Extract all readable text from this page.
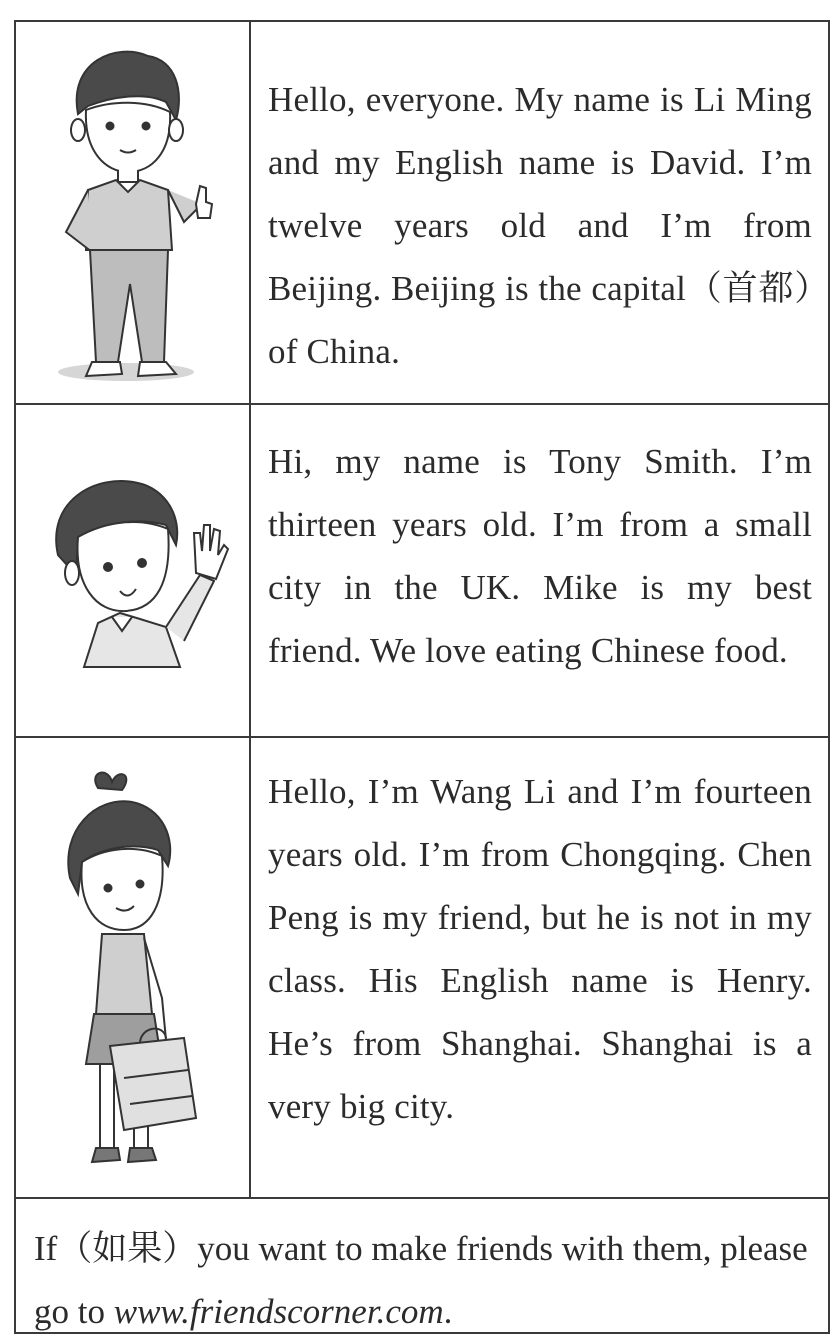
Hello, everyone. My name is Li Ming and my English name is David. I’m twelve years old and I’m from Beijing. Beijing is the capital（首都）of China.
Hi, my name is Tony Smith. I’m thirteen years old. I’m from a small city in the UK. Mike is my best friend. We love eating Chinese food.
Hello, I’m Wang Li and I’m fourteen years old. I’m from Chongqing. Chen Peng is my friend, but he is not in my class. His English name is Henry. He’s from Shanghai. Shanghai is a very big city.

If（如果）you want to make friends with them, please go to www.friendscorner.com.
